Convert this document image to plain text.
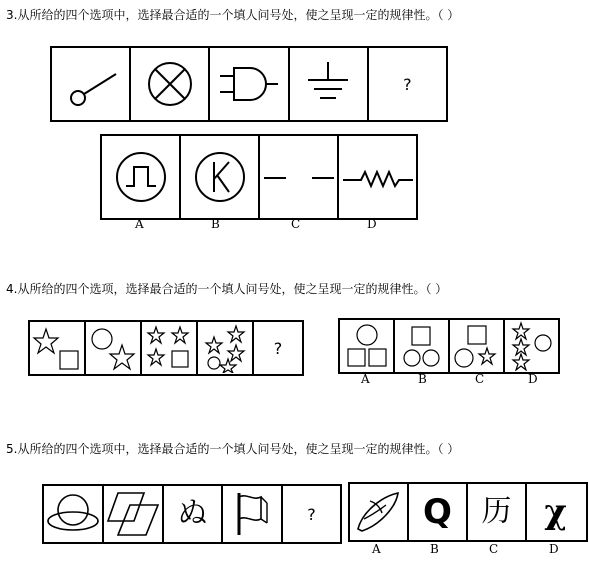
3.从所给的四个选项中，选择最合适的一个填人问号处，使之呈现一定的规律性。（ ）
?
A	B	C	D
4.从所给的四个选项，选择最合适的一个填人问号处，使之呈现一定的规律性。（ ）
?
A	B	C	D
5.从所给的四个选项中，选择最合适的一个填人问号处，使之呈现一定的规律性。（ ）
ぬ	?	Q 历 χ
A	B	C	D
